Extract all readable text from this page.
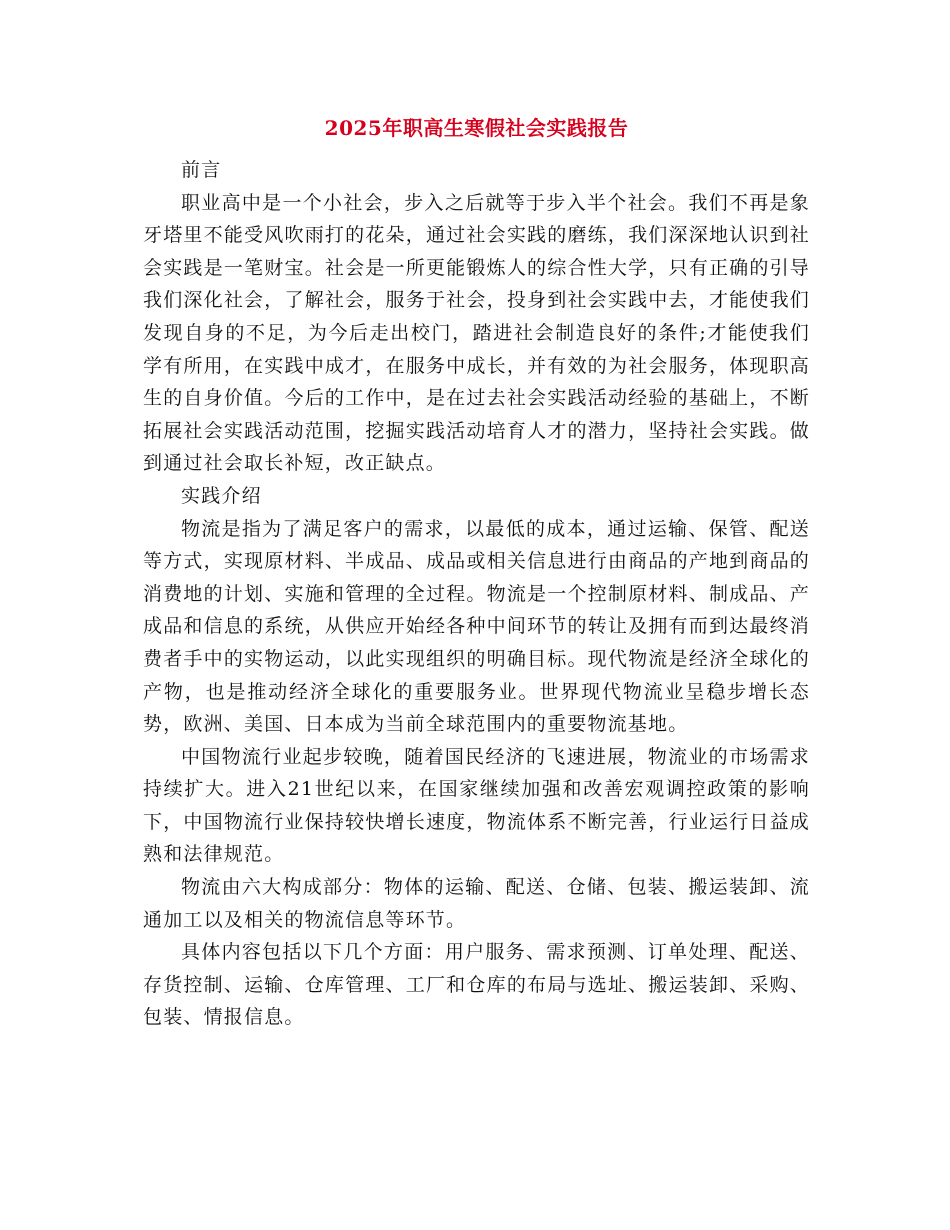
2025年职高生寒假社会实践报告

前言

职业高中是一个小社会，步入之后就等于步入半个社会。我们不再是象牙塔里不能受风吹雨打的花朵，通过社会实践的磨练，我们深深地认识到社会实践是一笔财宝。社会是一所更能锻炼人的综合性大学，只有正确的引导我们深化社会，了解社会，服务于社会，投身到社会实践中去，才能使我们发现自身的不足，为今后走出校门，踏进社会制造良好的条件;才能使我们学有所用，在实践中成才，在服务中成长，并有效的为社会服务，体现职高生的自身价值。今后的工作中，是在过去社会实践活动经验的基础上，不断拓展社会实践活动范围，挖掘实践活动培育人才的潜力，坚持社会实践。做到通过社会取长补短，改正缺点。

实践介绍

物流是指为了满足客户的需求，以最低的成本，通过运输、保管、配送等方式，实现原材料、半成品、成品或相关信息进行由商品的产地到商品的消费地的计划、实施和管理的全过程。物流是一个控制原材料、制成品、产成品和信息的系统，从供应开始经各种中间环节的转让及拥有而到达最终消费者手中的实物运动，以此实现组织的明确目标。现代物流是经济全球化的产物，也是推动经济全球化的重要服务业。世界现代物流业呈稳步增长态势，欧洲、美国、日本成为当前全球范围内的重要物流基地。

中国物流行业起步较晚，随着国民经济的飞速进展，物流业的市场需求持续扩大。进入21世纪以来，在国家继续加强和改善宏观调控政策的影响下，中国物流行业保持较快增长速度，物流体系不断完善，行业运行日益成熟和法律规范。

物流由六大构成部分：物体的运输、配送、仓储、包装、搬运装卸、流通加工以及相关的物流信息等环节。

具体内容包括以下几个方面：用户服务、需求预测、订单处理、配送、存货控制、运输、仓库管理、工厂和仓库的布局与选址、搬运装卸、采购、包装、情报信息。
